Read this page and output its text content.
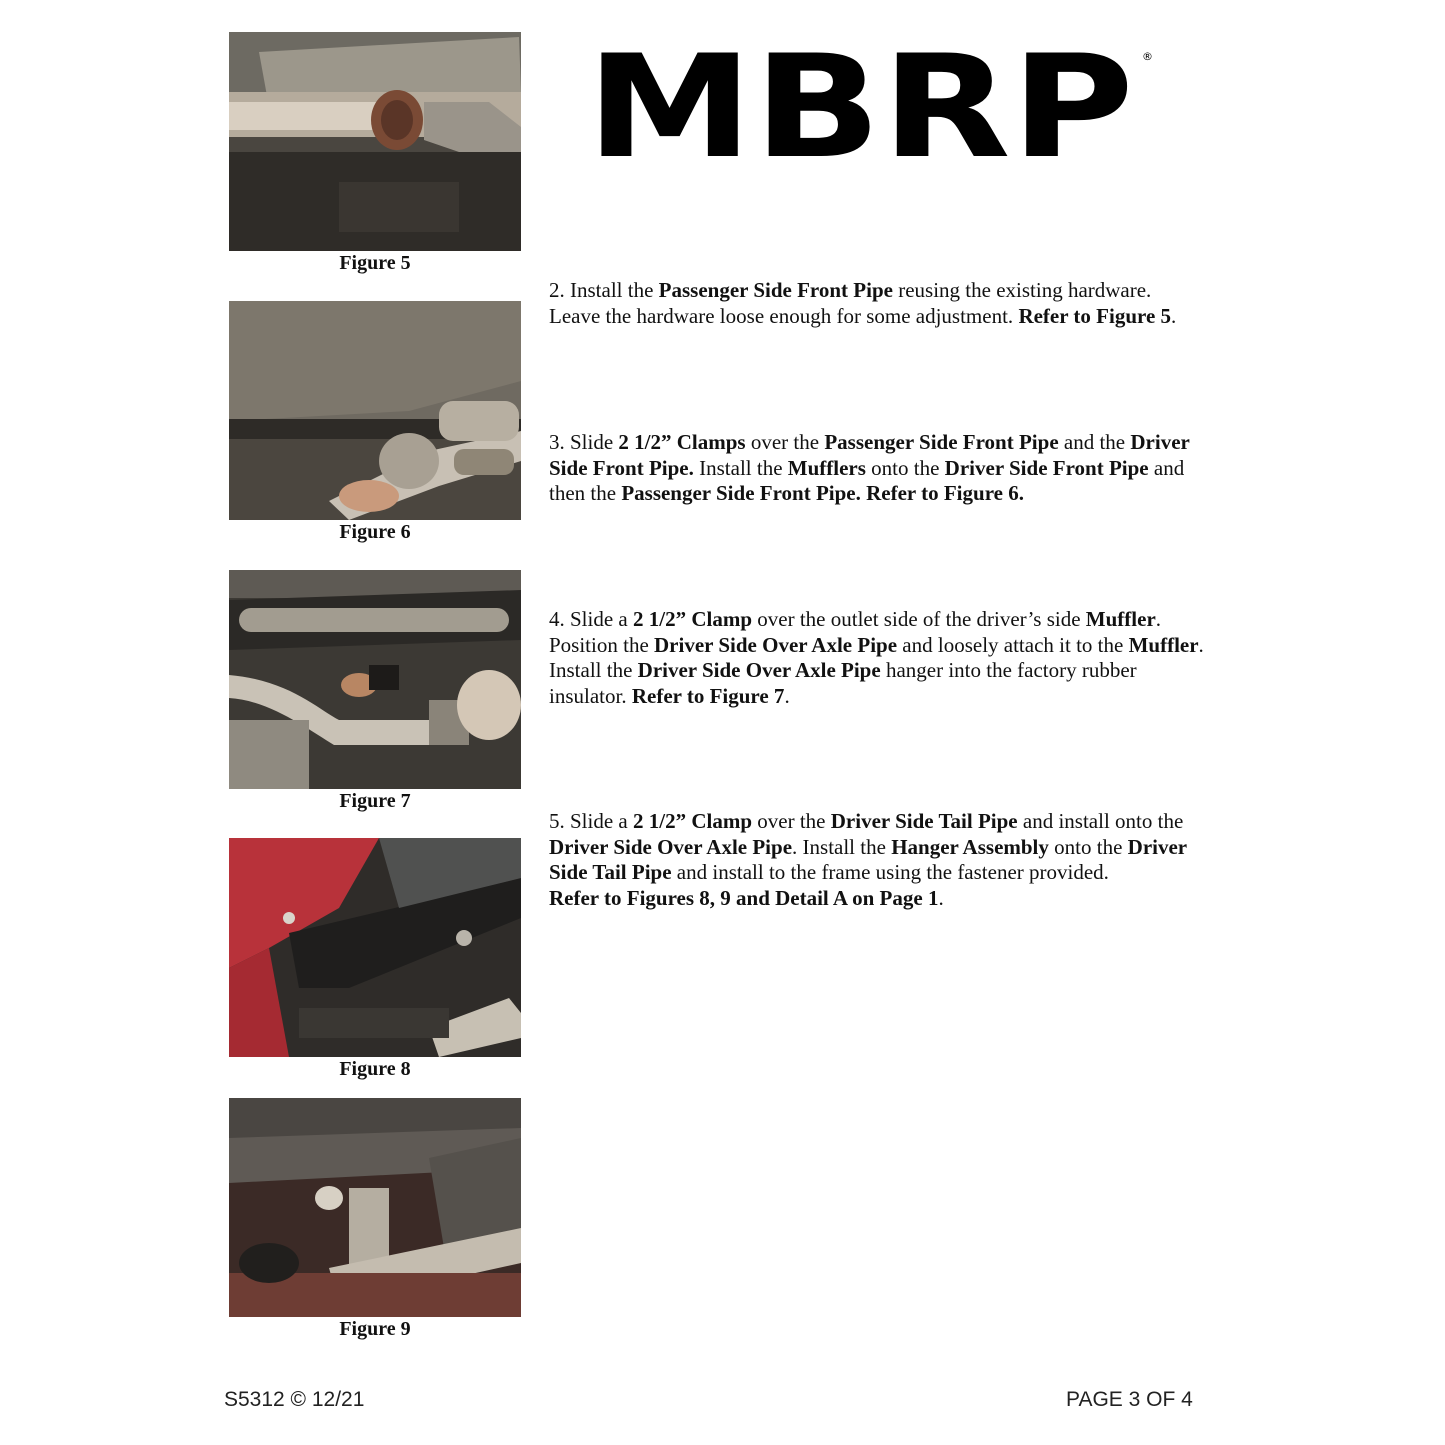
Figure 5
Figure 6
Figure 7
Figure 8
Figure 9
MBRP ®

2. Install the Passenger Side Front Pipe reusing the existing hardware.
Leave the hardware loose enough for some adjustment. Refer to Figure 5.

3. Slide 2 1/2” Clamps over the Passenger Side Front Pipe and the Driver
Side Front Pipe. Install the Mufflers onto the Driver Side Front Pipe and
then the Passenger Side Front Pipe. Refer to Figure 6.

4. Slide a 2 1/2” Clamp over the outlet side of the driver’s side Muffler.
Position the Driver Side Over Axle Pipe and loosely attach it to the Muffler.
Install the Driver Side Over Axle Pipe hanger into the factory rubber
insulator. Refer to Figure 7.

5. Slide a 2 1/2” Clamp over the Driver Side Tail Pipe and install onto the
Driver Side Over Axle Pipe. Install the Hanger Assembly onto the Driver
Side Tail Pipe and install to the frame using the fastener provided.
Refer to Figures 8, 9 and Detail A on Page 1.

S5312 © 12/21	PAGE 3 OF 4
